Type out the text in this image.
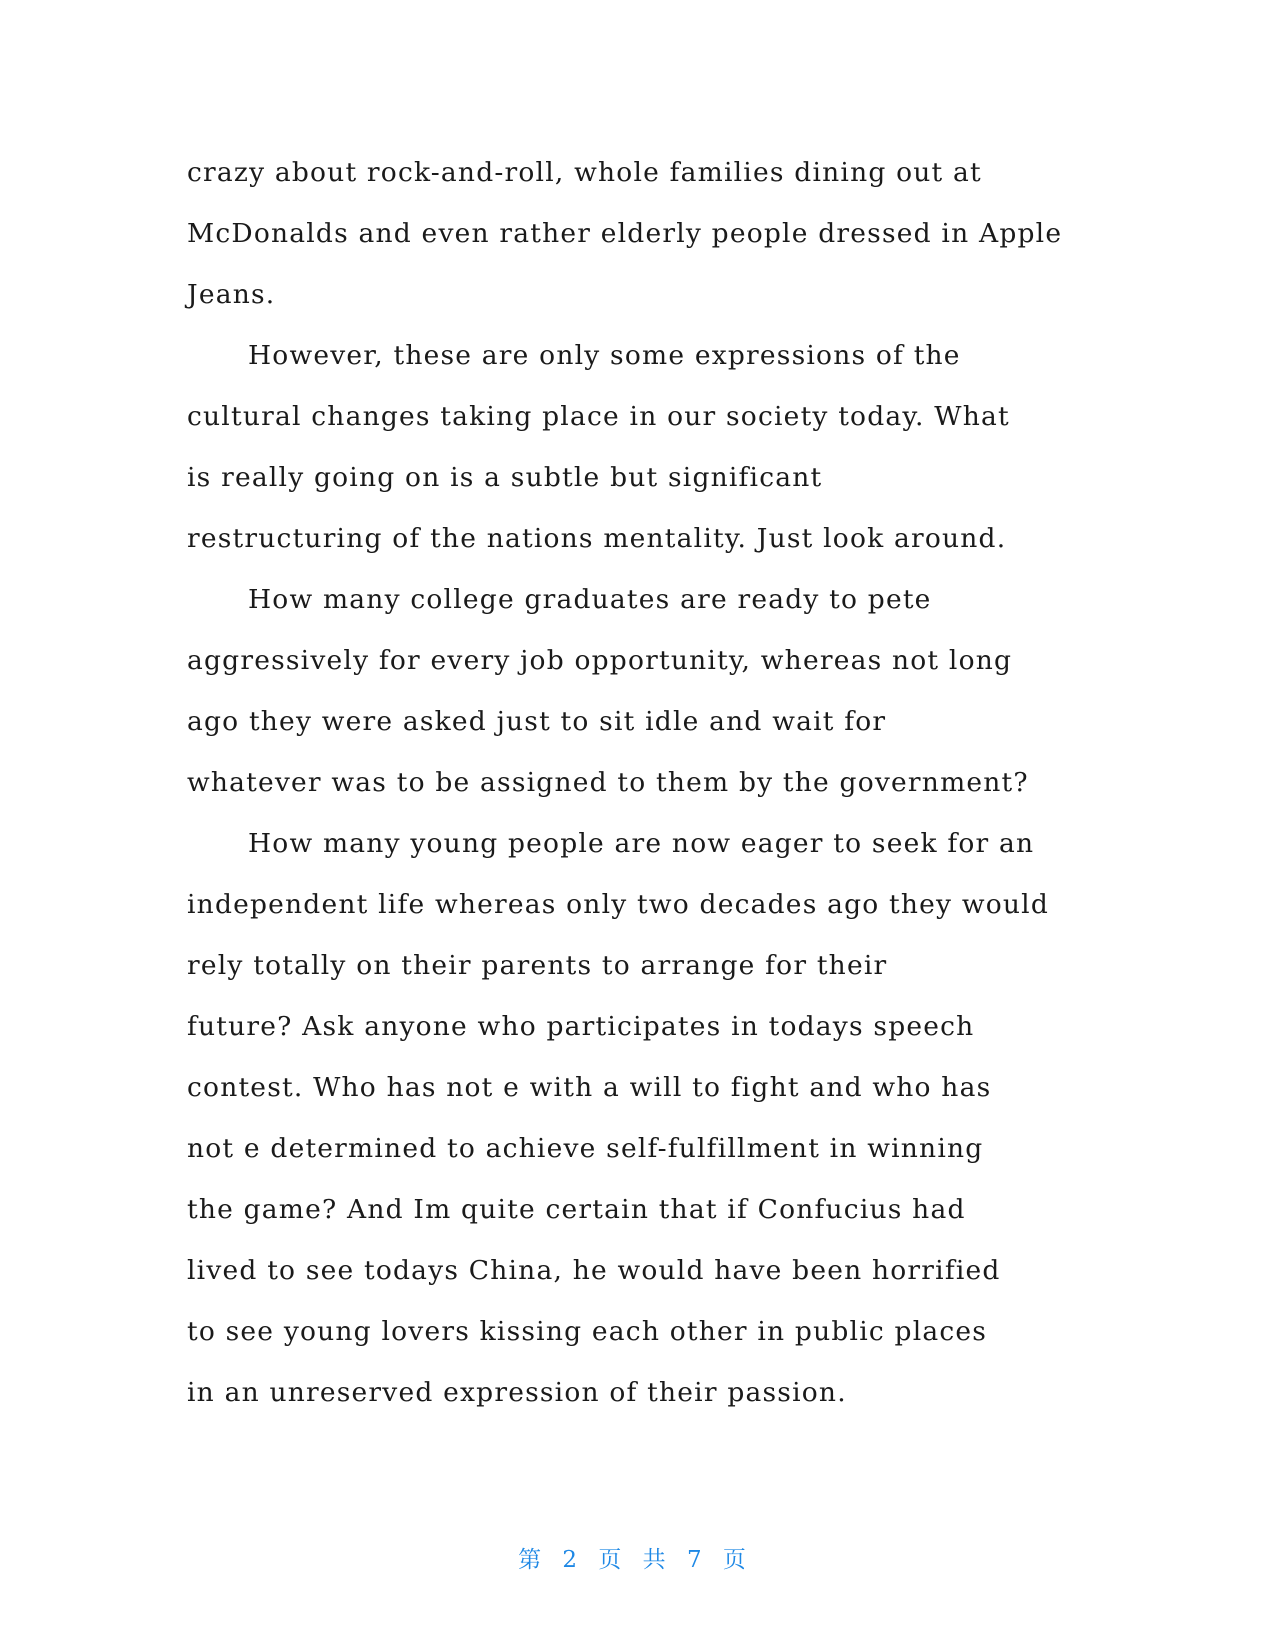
crazy about rock-and-roll, whole families dining out at
McDonalds and even rather elderly people dressed in Apple
Jeans.
However, these are only some expressions of the
cultural changes taking place in our society today. What
is really going on is a subtle but significant
restructuring of the nations mentality. Just look around.
How many college graduates are ready to pete
aggressively for every job opportunity, whereas not long
ago they were asked just to sit idle and wait for
whatever was to be assigned to them by the government?
How many young people are now eager to seek for an
independent life whereas only two decades ago they would
rely totally on their parents to arrange for their
future? Ask anyone who participates in todays speech
contest. Who has not e with a will to fight and who has
not e determined to achieve self-fulfillment in winning
the game? And Im quite certain that if Confucius had
lived to see todays China, he would have been horrified
to see young lovers kissing each other in public places
in an unreserved expression of their passion.
第 2 页 共 7 页
